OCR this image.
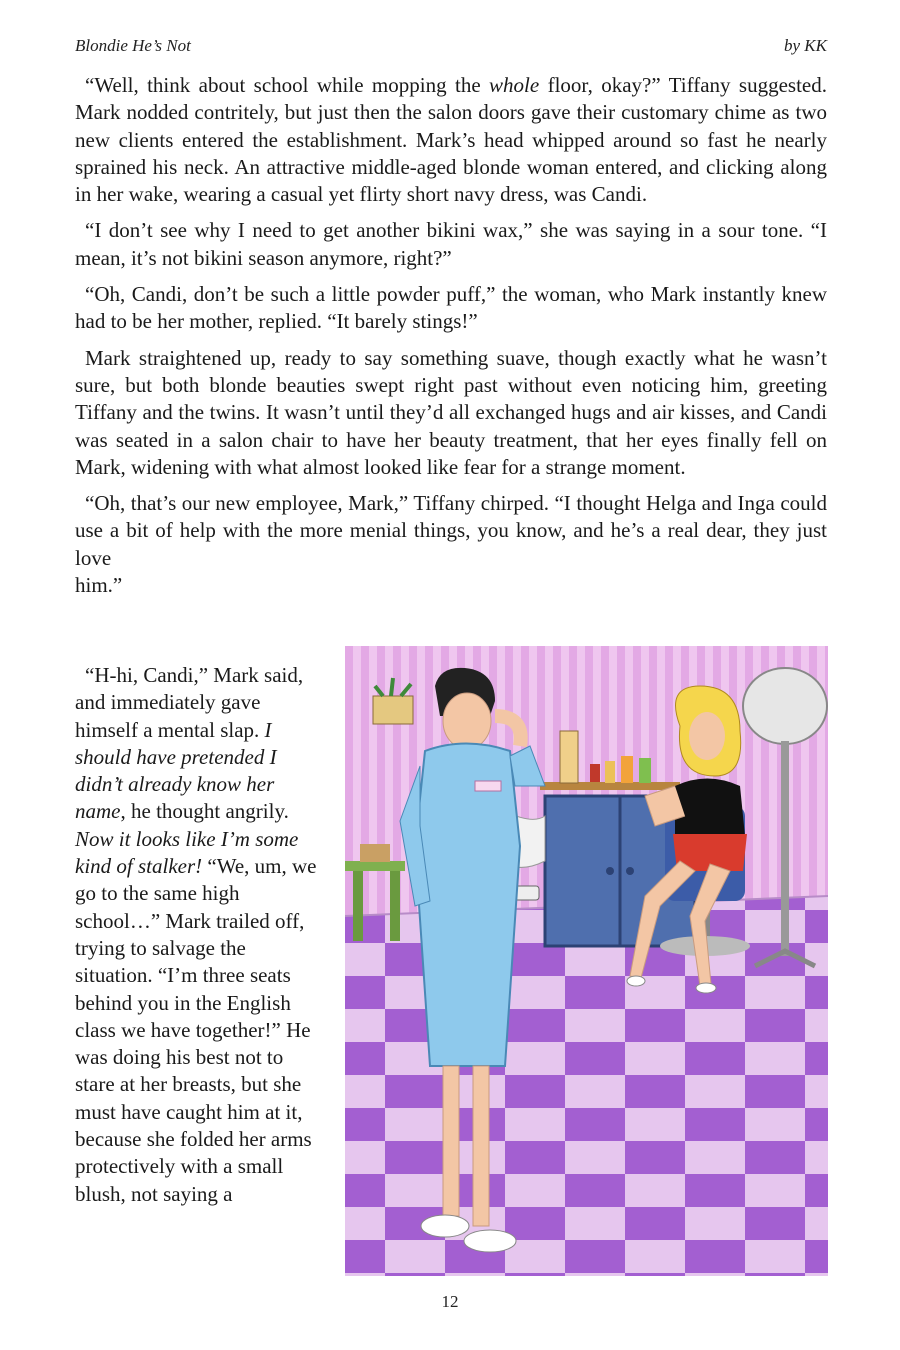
Blondie He’s Not	by KK

“Well, think about school while mopping the whole floor, okay?” Tiffany suggested. Mark nodded contritely, but just then the salon doors gave their customary chime as two new clients entered the establishment. Mark’s head whipped around so fast he nearly sprained his neck. An attractive middle-aged blonde woman entered, and clicking along in her wake, wearing a casual yet flirty short navy dress, was Candi.

“I don’t see why I need to get another bikini wax,” she was saying in a sour tone. “I mean, it’s not bikini season anymore, right?”

“Oh, Candi, don’t be such a little powder puff,” the woman, who Mark instantly knew had to be her mother, replied. “It barely stings!”

Mark straightened up, ready to say something suave, though exactly what he wasn’t sure, but both blonde beauties swept right past without even noticing him, greeting Tiffany and the twins. It wasn’t until they’d all exchanged hugs and air kisses, and Candi was seated in a salon chair to have her beauty treatment, that her eyes finally fell on Mark, widening with what almost looked like fear for a strange moment.

“Oh, that’s our new employee, Mark,” Tiffany chirped. “I thought Helga and Inga could use a bit of help with the more menial things, you know, and he’s a real dear, they just love

him.”

“H-hi, Candi,” Mark said, and immediately gave himself a mental slap. I should have pretended I didn’t already know her name, he thought angrily. Now it looks like I’m some kind of stalker! “We, um, we go to the same high school…” Mark trailed off, trying to salvage the situation. “I’m three seats behind you in the English class we have together!” He was doing his best not to stare at her breasts, but she must have caught him at it, because she folded her arms protectively with a small blush, not saying a

12
